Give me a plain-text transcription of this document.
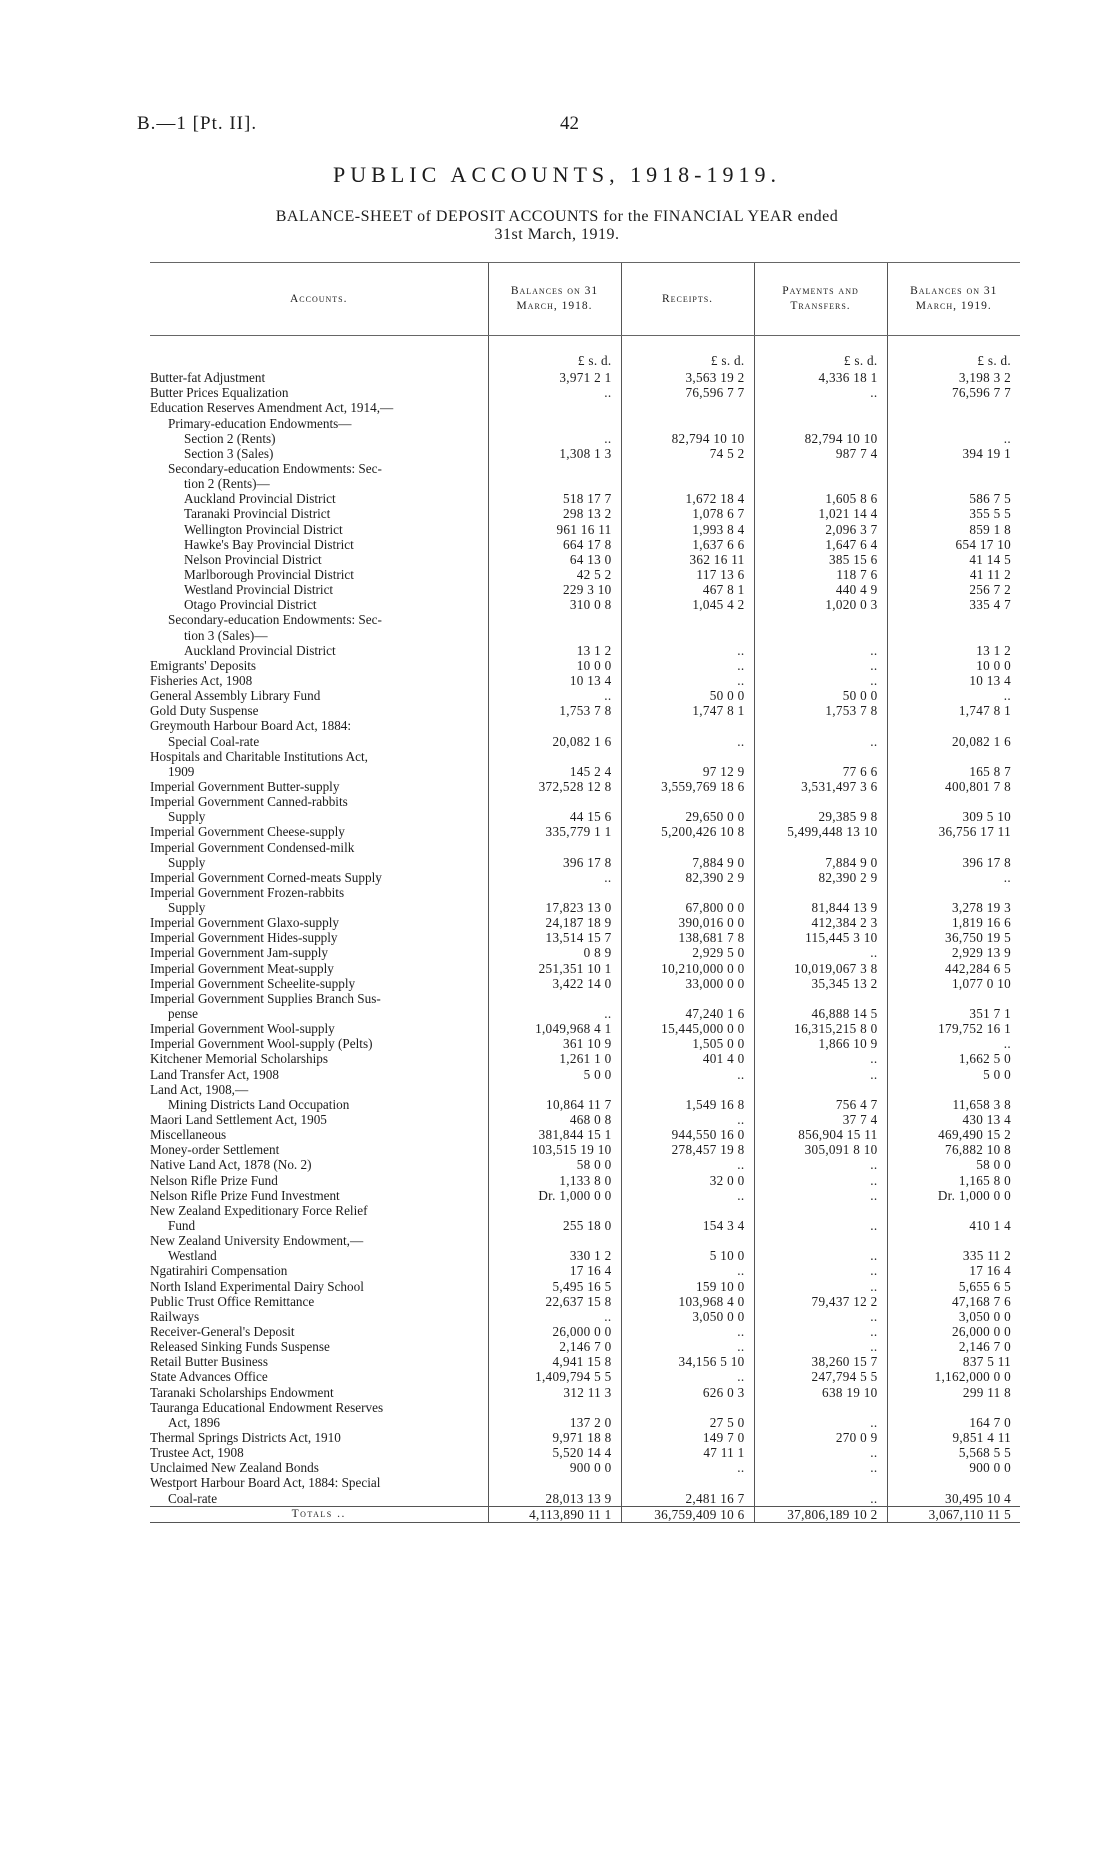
B.—1 [Pt. II].	42
PUBLIC ACCOUNTS, 1918-1919.
BALANCE-SHEET of DEPOSIT ACCOUNTS for the FINANCIAL YEAR ended
31st March, 1919.
Accounts.	Balances on 31 March, 1918.	Receipts.	Payments and Transfers.	Balances on 31 March, 1919.
	£ s. d.	£ s. d.	£ s. d.	£ s. d.
Butter-fat Adjustment	3,971 2 1	3,563 19 2	4,336 18 1	3,198 3 2
Butter Prices Equalization	..	76,596 7 7	..	76,596 7 7
Education Reserves Amendment Act, 1914,—				
Primary-education Endowments—				
Section 2 (Rents)	..	82,794 10 10	82,794 10 10	..
Section 3 (Sales)	1,308 1 3	74 5 2	987 7 4	394 19 1
Secondary-education Endowments: Sec-				
tion 2 (Rents)—				
Auckland Provincial District	518 17 7	1,672 18 4	1,605 8 6	586 7 5
Taranaki Provincial District	298 13 2	1,078 6 7	1,021 14 4	355 5 5
Wellington Provincial District	961 16 11	1,993 8 4	2,096 3 7	859 1 8
Hawke's Bay Provincial District	664 17 8	1,637 6 6	1,647 6 4	654 17 10
Nelson Provincial District	64 13 0	362 16 11	385 15 6	41 14 5
Marlborough Provincial District	42 5 2	117 13 6	118 7 6	41 11 2
Westland Provincial District	229 3 10	467 8 1	440 4 9	256 7 2
Otago Provincial District	310 0 8	1,045 4 2	1,020 0 3	335 4 7
Secondary-education Endowments: Sec-				
tion 3 (Sales)—				
Auckland Provincial District	13 1 2	..	..	13 1 2
Emigrants' Deposits	10 0 0	..	..	10 0 0
Fisheries Act, 1908	10 13 4	..	..	10 13 4
General Assembly Library Fund	..	50 0 0	50 0 0	..
Gold Duty Suspense	1,753 7 8	1,747 8 1	1,753 7 8	1,747 8 1
Greymouth Harbour Board Act, 1884:				
Special Coal-rate	20,082 1 6	..	..	20,082 1 6
Hospitals and Charitable Institutions Act,				
1909	145 2 4	97 12 9	77 6 6	165 8 7
Imperial Government Butter-supply	372,528 12 8	3,559,769 18 6	3,531,497 3 6	400,801 7 8
Imperial Government Canned-rabbits				
Supply	44 15 6	29,650 0 0	29,385 9 8	309 5 10
Imperial Government Cheese-supply	335,779 1 1	5,200,426 10 8	5,499,448 13 10	36,756 17 11
Imperial Government Condensed-milk				
Supply	396 17 8	7,884 9 0	7,884 9 0	396 17 8
Imperial Government Corned-meats Supply	..	82,390 2 9	82,390 2 9	..
Imperial Government Frozen-rabbits				
Supply	17,823 13 0	67,800 0 0	81,844 13 9	3,278 19 3
Imperial Government Glaxo-supply	24,187 18 9	390,016 0 0	412,384 2 3	1,819 16 6
Imperial Government Hides-supply	13,514 15 7	138,681 7 8	115,445 3 10	36,750 19 5
Imperial Government Jam-supply	0 8 9	2,929 5 0	..	2,929 13 9
Imperial Government Meat-supply	251,351 10 1	10,210,000 0 0	10,019,067 3 8	442,284 6 5
Imperial Government Scheelite-supply	3,422 14 0	33,000 0 0	35,345 13 2	1,077 0 10
Imperial Government Supplies Branch Sus-				
pense	..	47,240 1 6	46,888 14 5	351 7 1
Imperial Government Wool-supply	1,049,968 4 1	15,445,000 0 0	16,315,215 8 0	179,752 16 1
Imperial Government Wool-supply (Pelts)	361 10 9	1,505 0 0	1,866 10 9	..
Kitchener Memorial Scholarships	1,261 1 0	401 4 0	..	1,662 5 0
Land Transfer Act, 1908	5 0 0	..	..	5 0 0
Land Act, 1908,—				
Mining Districts Land Occupation	10,864 11 7	1,549 16 8	756 4 7	11,658 3 8
Maori Land Settlement Act, 1905	468 0 8	..	37 7 4	430 13 4
Miscellaneous	381,844 15 1	944,550 16 0	856,904 15 11	469,490 15 2
Money-order Settlement	103,515 19 10	278,457 19 8	305,091 8 10	76,882 10 8
Native Land Act, 1878 (No. 2)	58 0 0	..	..	58 0 0
Nelson Rifle Prize Fund	1,133 8 0	32 0 0	..	1,165 8 0
Nelson Rifle Prize Fund Investment	Dr. 1,000 0 0	..	..	Dr. 1,000 0 0
New Zealand Expeditionary Force Relief				
Fund	255 18 0	154 3 4	..	410 1 4
New Zealand University Endowment,—				
Westland	330 1 2	5 10 0	..	335 11 2
Ngatirahiri Compensation	17 16 4	..	..	17 16 4
North Island Experimental Dairy School	5,495 16 5	159 10 0	..	5,655 6 5
Public Trust Office Remittance	22,637 15 8	103,968 4 0	79,437 12 2	47,168 7 6
Railways	..	3,050 0 0	..	3,050 0 0
Receiver-General's Deposit	26,000 0 0	..	..	26,000 0 0
Released Sinking Funds Suspense	2,146 7 0	..	..	2,146 7 0
Retail Butter Business	4,941 15 8	34,156 5 10	38,260 15 7	837 5 11
State Advances Office	1,409,794 5 5	..	247,794 5 5	1,162,000 0 0
Taranaki Scholarships Endowment	312 11 3	626 0 3	638 19 10	299 11 8
Tauranga Educational Endowment Reserves				
Act, 1896	137 2 0	27 5 0	..	164 7 0
Thermal Springs Districts Act, 1910	9,971 18 8	149 7 0	270 0 9	9,851 4 11
Trustee Act, 1908	5,520 14 4	47 11 1	..	5,568 5 5
Unclaimed New Zealand Bonds	900 0 0	..	..	900 0 0
Westport Harbour Board Act, 1884: Special				
Coal-rate	28,013 13 9	2,481 16 7	..	30,495 10 4
Totals ..	4,113,890 11 1	36,759,409 10 6	37,806,189 10 2	3,067,110 11 5
